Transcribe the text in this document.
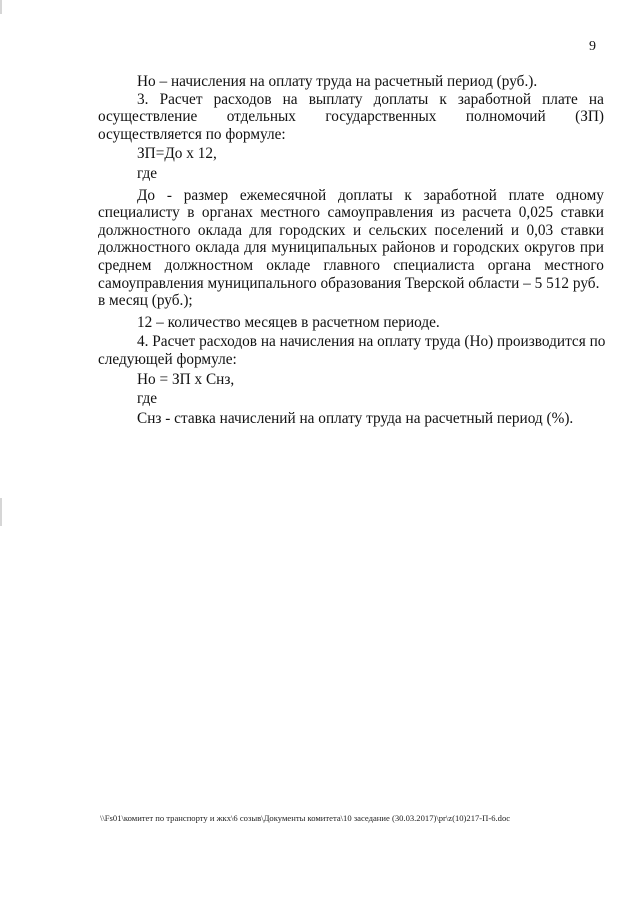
9
Но – начисления на оплату труда на расчетный период (руб.).
3. Расчет расходов на выплату доплаты к заработной плате на
осуществление отдельных государственных полномочий (ЗП)
осуществляется по формуле:
ЗП=До х 12,
где
До - размер ежемесячной доплаты к заработной плате одному
специалисту в органах местного самоуправления из расчета 0,025 ставки
должностного оклада для городских и сельских поселений и 0,03 ставки
должностного оклада для муниципальных районов и городских округов при
среднем должностном окладе главного специалиста органа местного
самоуправления муниципального образования Тверской области – 5 512 руб.
в месяц (руб.);
12 – количество месяцев в расчетном периоде.
4. Расчет расходов на начисления на оплату труда (Но) производится по
следующей формуле:
Но = ЗП х Снз,
где
Снз - ставка начислений на оплату труда на расчетный период (%).
\\Fs01\комитет по транспорту и жкх\6 созыв\Документы комитета\10 заседание (30.03.2017)\pr\z(10)217-П-6.doc
